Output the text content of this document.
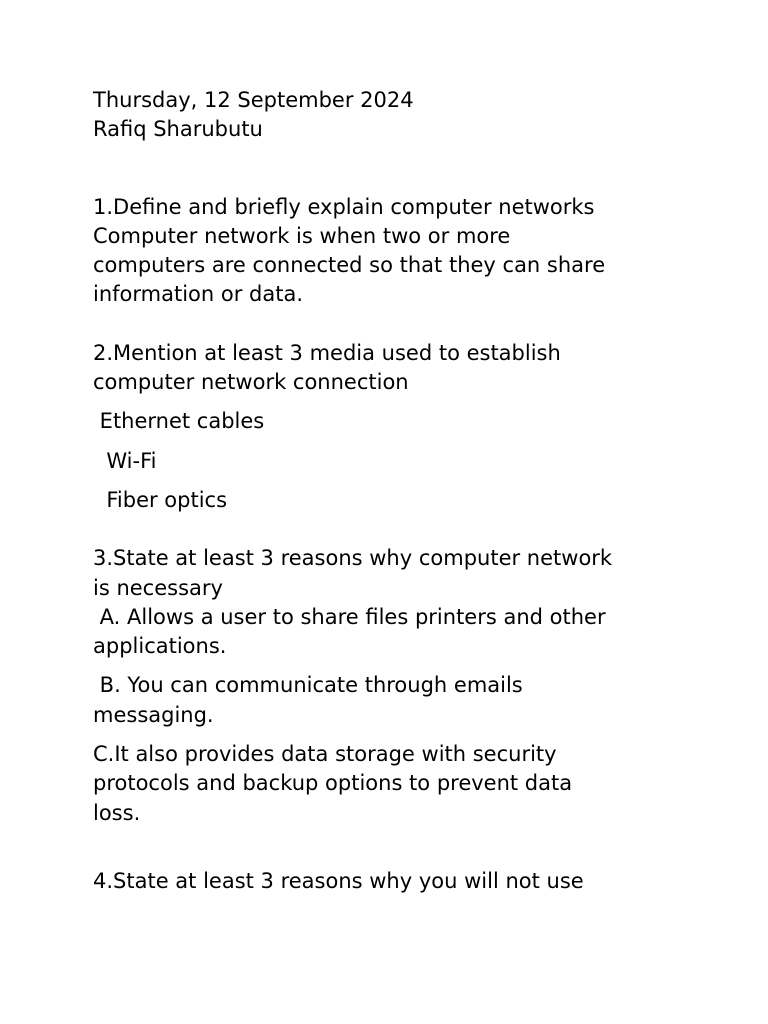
Thursday, 12 September 2024
Rafiq Sharubutu
1.Define and briefly explain computer networks
Computer network is when two or more
computers are connected so that they can share
information or data.
2.Mention at least 3 media used to establish
computer network connection
Ethernet cables
Wi-Fi
Fiber optics
3.State at least 3 reasons why computer network
is necessary
A. Allows a user to share files printers and other
applications.
B. You can communicate through emails
messaging.
C.It also provides data storage with security
protocols and backup options to prevent data
loss.
4.State at least 3 reasons why you will not use
